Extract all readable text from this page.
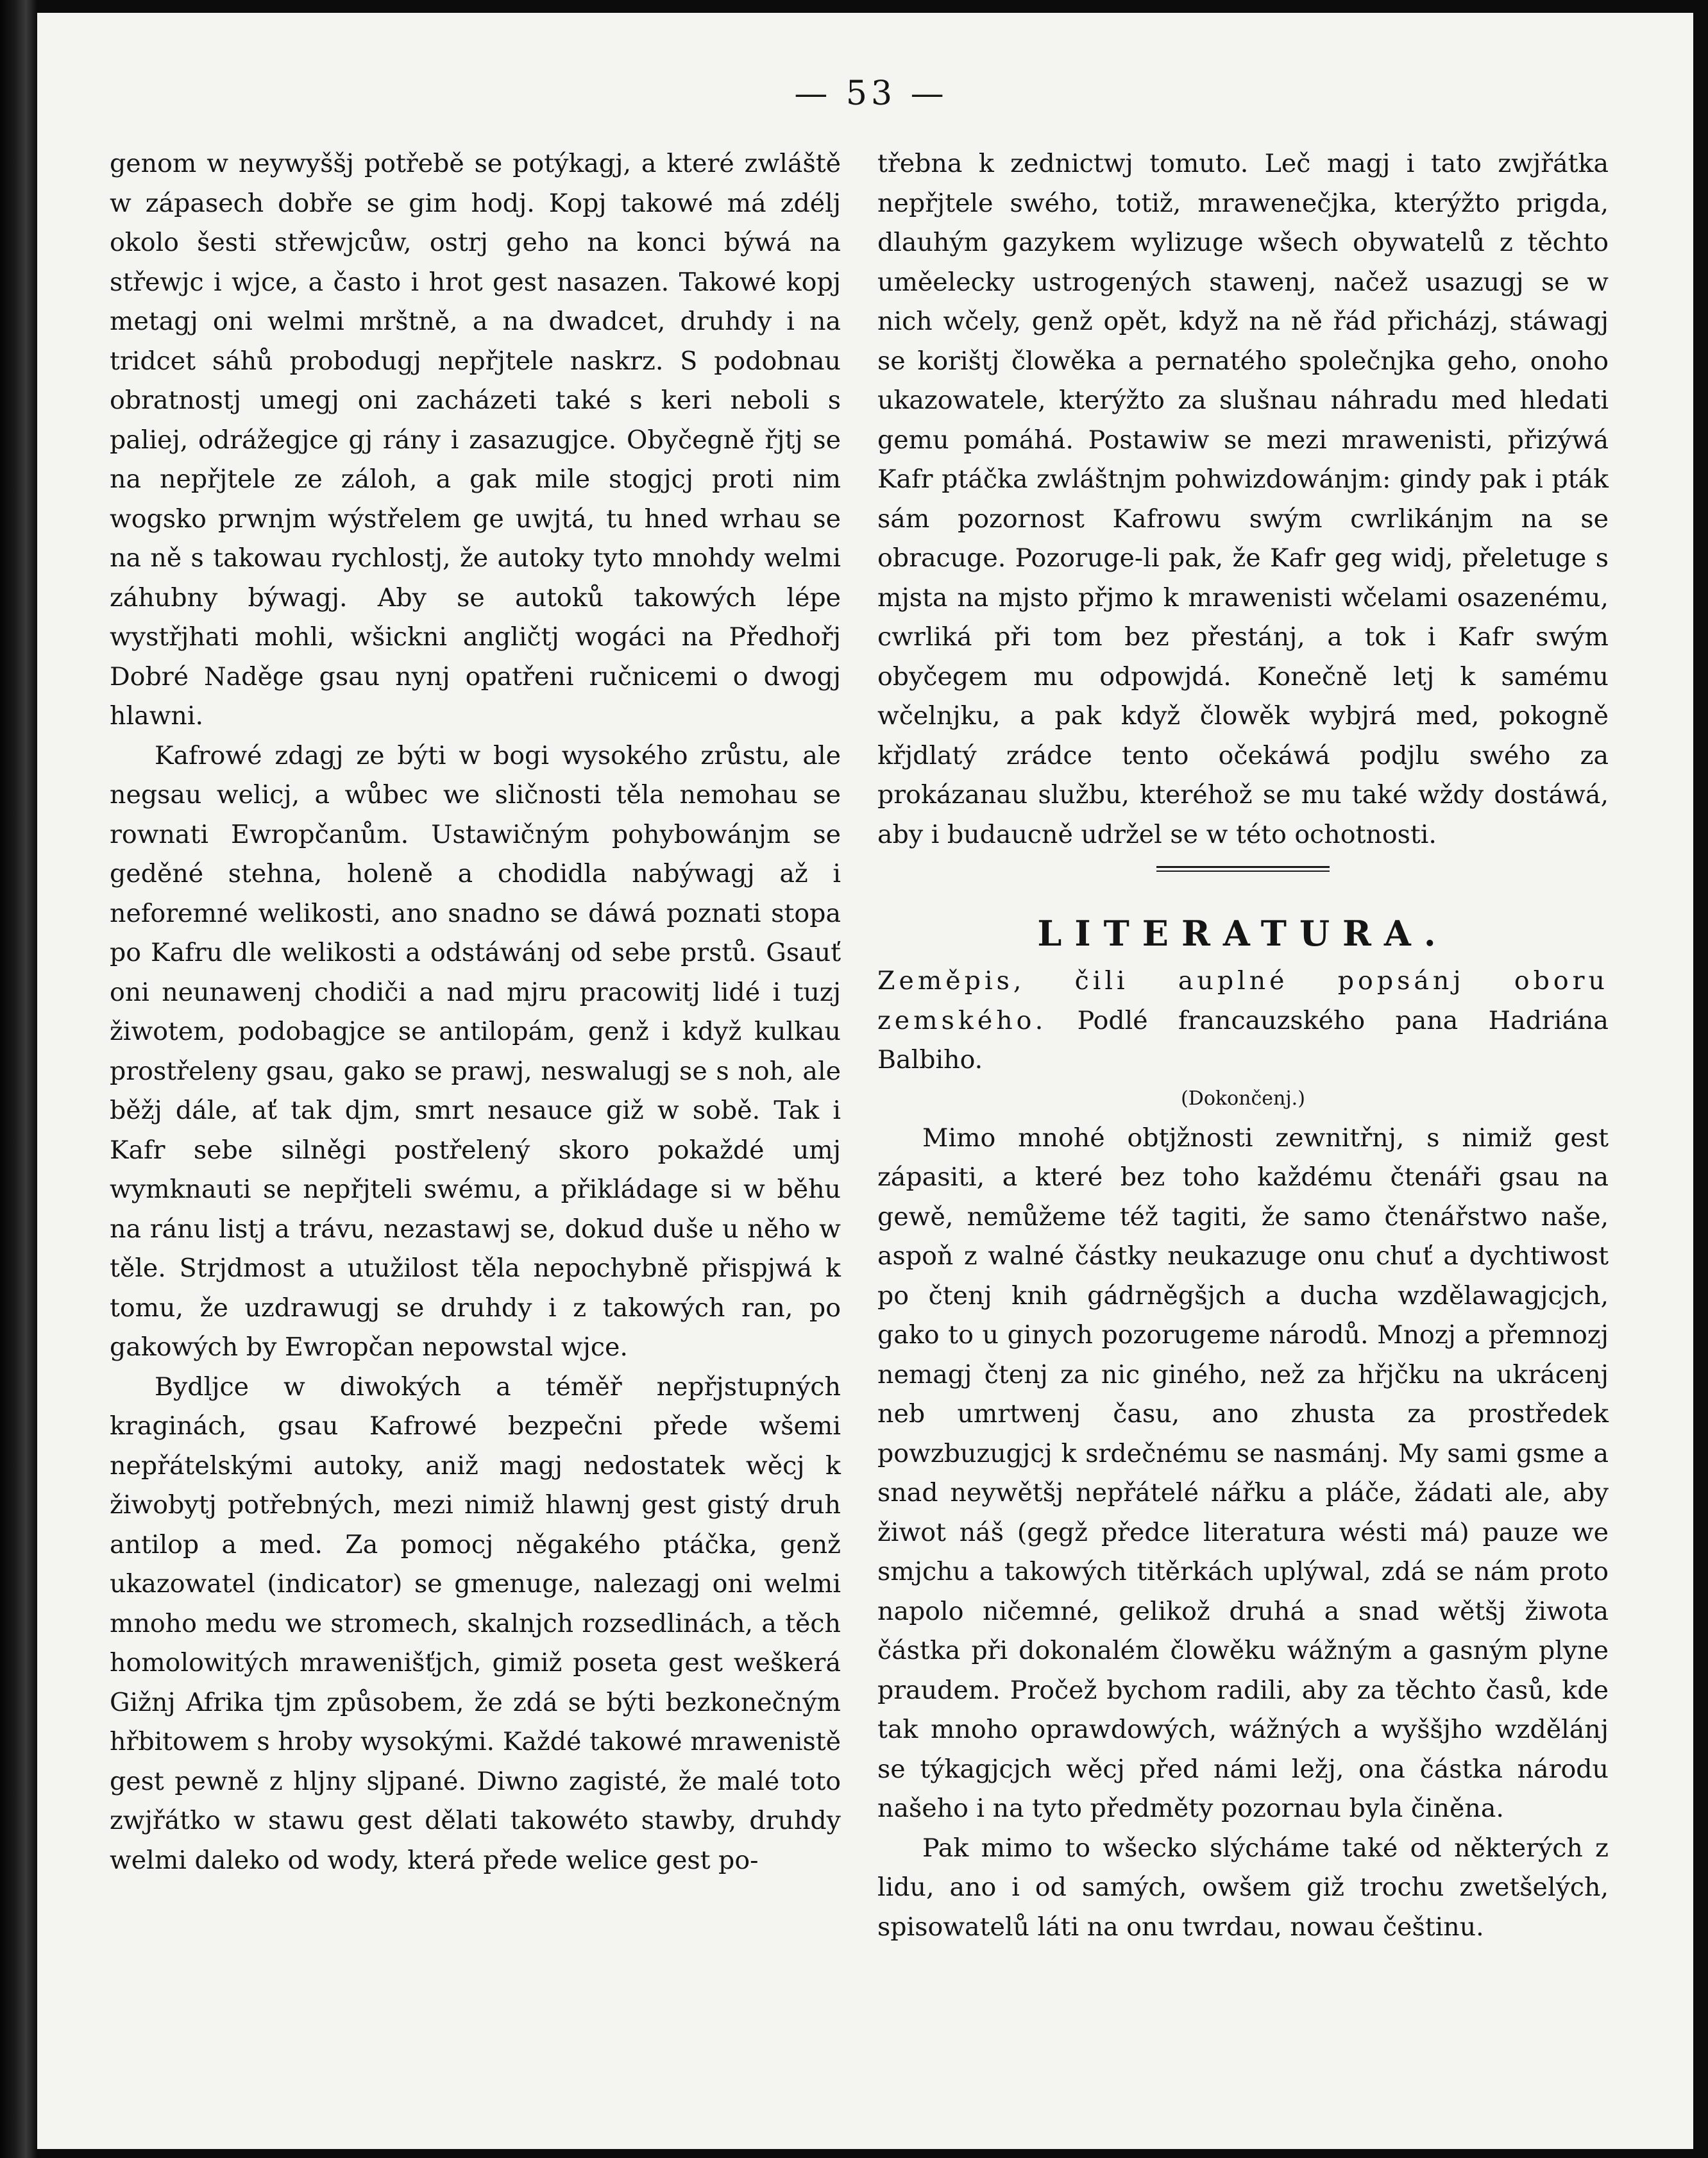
— 53 —

genom w neywyššj potřebě se potýkagj, a které zwláště w zápasech dobře se gim hodj. Kopj takowé má zdélj okolo šesti střewjcůw, ostrj geho na konci býwá na střewjc i wjce, a často i hrot gest nasazen. Takowé kopj metagj oni welmi mrštně, a na dwadcet, druhdy i na tridcet sáhů probodugj nepřjtele naskrz. S podobnau obratnostj umegj oni zacházeti také s keri neboli s paliej, odrážegjce gj rány i zasazugjce. Obyčegně řjtj se na nepřjtele ze záloh, a gak mile stogjcj proti nim wogsko prwnjm wýstřelem ge uwjtá, tu hned wrhau se na ně s takowau rychlostj, že autoky tyto mnohdy welmi záhubny býwagj. Aby se autoků takowých lépe wystřjhati mohli, wšickni angličtj wogáci na Předhořj Dobré Naděge gsau nynj opatřeni ručnicemi o dwogj hlawni.

Kafrowé zdagj ze býti w bogi wysokého zrůstu, ale negsau welicj, a wůbec we sličnosti těla nemohau se rownati Ewropčanům. Ustawičným pohybowánjm se geděné stehna, holeně a chodidla nabýwagj až i neforemné welikosti, ano snadno se dáwá poznati stopa po Kafru dle welikosti a odstáwánj od sebe prstů. Gsauť oni neunawenj chodiči a nad mjru pracowitj lidé i tuzj žiwotem, podobagjce se antilopám, genž i když kulkau prostřeleny gsau, gako se prawj, neswalugj se s noh, ale běžj dále, ať tak djm, smrt nesauce giž w sobě. Tak i Kafr sebe silněgi postřelený skoro pokaždé umj wymknauti se nepřjteli swému, a přikládage si w běhu na ránu listj a trávu, nezastawj se, dokud duše u něho w těle. Strjdmost a utužilost těla nepochybně přispjwá k tomu, že uzdrawugj se druhdy i z takowých ran, po gakowých by Ewropčan nepowstal wjce.

Bydljce w diwokých a téměř nepřjstupných kraginách, gsau Kafrowé bezpečni přede wšemi nepřátelskými autoky, aniž magj nedostatek wěcj k žiwobytj potřebných, mezi nimiž hlawnj gest gistý druh antilop a med. Za pomocj něgakého ptáčka, genž ukazowatel (indicator) se gmenuge, nalezagj oni welmi mnoho medu we stromech, skalnjch rozsedlinách, a těch homolowitých mrawenišťjch, gimiž posetа gest weškerá Gižnj Afrika tjm způsobem, že zdá se býti bezkonečným hřbitowem s hroby wysokými. Každé takowé mrawenistě gest pewně z hljny sljpané. Diwno zagisté, že malé toto zwjřátko w stawu gest dělati takowéto stawby, druhdy welmi daleko od wody, která přede welice gest po-

třebna k zednictwj tomuto. Leč magj i tato zwjřátka nepřjtele swého, totiž, mrawenečjka, kterýžto prigda, dlauhým gazykem wylizuge wšech obywatelů z těchto uměelecky ustrogených stawenj, načež usazugj se w nich wčely, genž opět, když na ně řád přicházj, stáwagj se korištj člowěka a pernatého společnjka geho, onoho ukazowatele, kterýžto za slušnau náhradu med hledati gemu pomáhá. Postawiw se mezi mrawenisti, přizýwá Kafr ptáčka zwláštnjm pohwizdowánjm: gindy pak i pták sám pozornost Kafrowu swým cwrlikánjm na se obracuge. Pozoruge-li pak, že Kafr geg widj, přeletuge s mjsta na mjsto přjmo k mrawenisti wčelami osazenému, cwrliká při tom bez přestánj, a tok i Kafr swým obyčegem mu odpowjdá. Konečně letj k samému wčelnjku, a pak když člowěk wybjrá med, pokogně křjdlatý zrádce tento očekáwá podjlu swého za prokázanau službu, kteréhož se mu také wždy dostáwá, aby i budaucně udržel se w této ochotnosti.

LITERATURA.

Zeměpis, čili auplné popsánj oboru zemského. Podlé francauzského pana Hadriána Balbiho.

(Dokončenj.)

Mimo mnohé obtjžnosti zewnitřnj, s nimiž gest zápasiti, a které bez toho každému čtenáři gsau na gewě, nemůžeme též tagiti, že samo čtenářstwo naše, aspoň z walné částky neukazuge onu chuť a dychtiwost po čtenj knih gádrněgšjch a ducha wzdělawagjcjch, gako to u ginych pozorugeme národů. Mnozj a přemnozj nemagj čtenj za nic giného, než za hřjčku na ukrácenj neb umrtwenj času, ano zhusta za prostředek powzbuzugjcj k srdečnému se nasmánj. My sami gsme a snad neywětšj nepřátelé nářku a pláče, žádati ale, aby žiwot náš (gegž předce literatura wésti má) pauze we smjchu a takowých titěrkách uplýwal, zdá se nám proto napolo ničemné, gelikož druhá a snad wětšj žiwota částka při dokonalém člowěku wážným a gasným plyne praudem. Pročež bychom radili, aby za těchto časů, kde tak mnoho oprawdowých, wážných a wyššjho wzdělánj se týkagjcjch wěcj před námi ležj, ona částka národu našeho i na tyto předměty pozornau byla činěna.

Pak mimo to wšecko slýcháme také od některých z lidu, ano i od samých, owšem giž trochu zwetšelých, spisowatelů láti na onu twrdau, nowau češtinu.
